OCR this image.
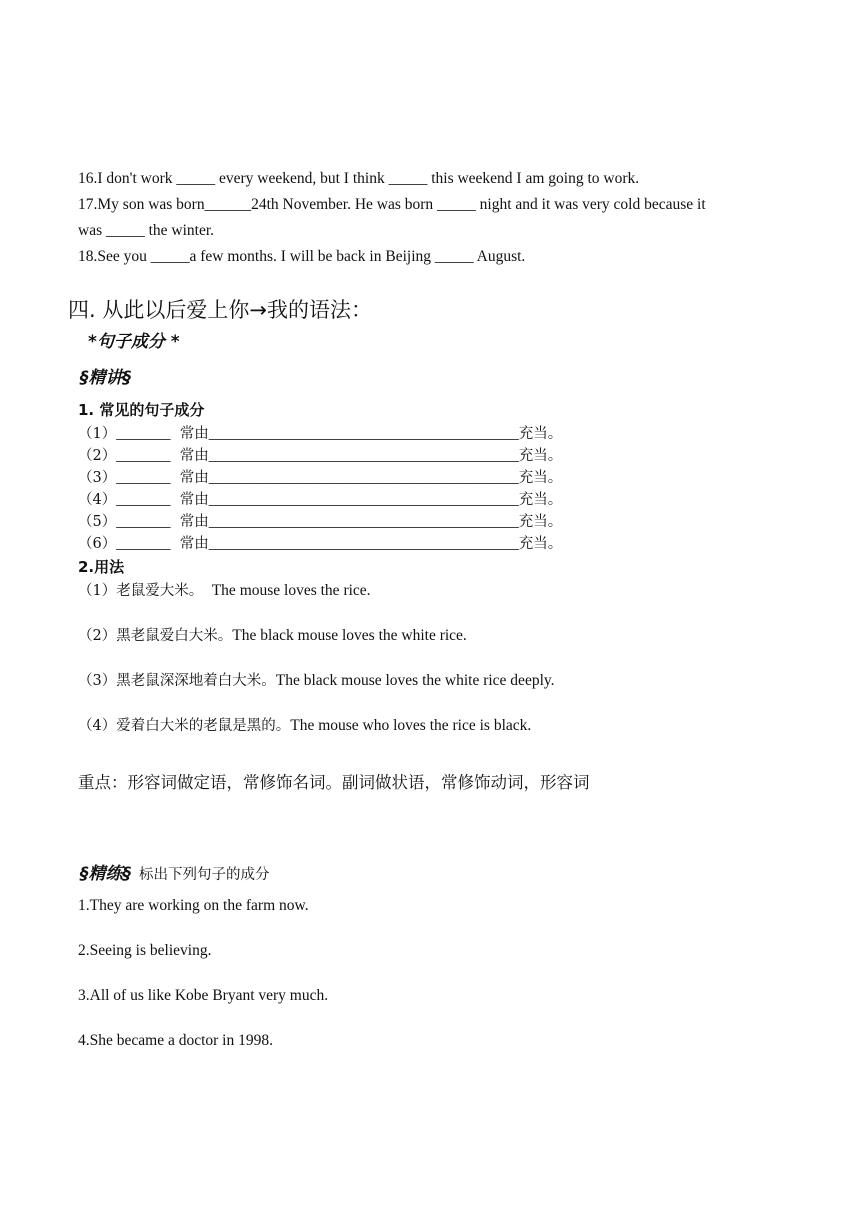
16.I don't work _____ every weekend, but I think _____ this weekend I am going to work.
17.My son was born______24th November. He was born _____ night and it was very cold because it
was _____ the winter.
18.See you _____a few months. I will be back in Beijing _____ August.
四. 从此以后爱上你→我的语法：
*句子成分 *
§精讲§
1. 常见的句子成分
（1）_______ 常由________________________________________充当。
（2）_______ 常由________________________________________充当。
（3）_______ 常由________________________________________充当。
（4）_______ 常由________________________________________充当。
（5）_______ 常由________________________________________充当。
（6）_______ 常由________________________________________充当。
2.用法
（1）老鼠爱大米。  The mouse loves the rice.
（2）黑老鼠爱白大米。The black mouse loves the white rice.
（3）黑老鼠深深地着白大米。The black mouse loves the white rice deeply.
（4）爱着白大米的老鼠是黑的。The mouse who loves the rice is black.
重点：形容词做定语，常修饰名词。副词做状语，常修饰动词，形容词
§精练§ 标出下列句子的成分
1.They are working on the farm now.
2.Seeing is believing.
3.All of us like Kobe Bryant very much.
4.She became a doctor in 1998.
